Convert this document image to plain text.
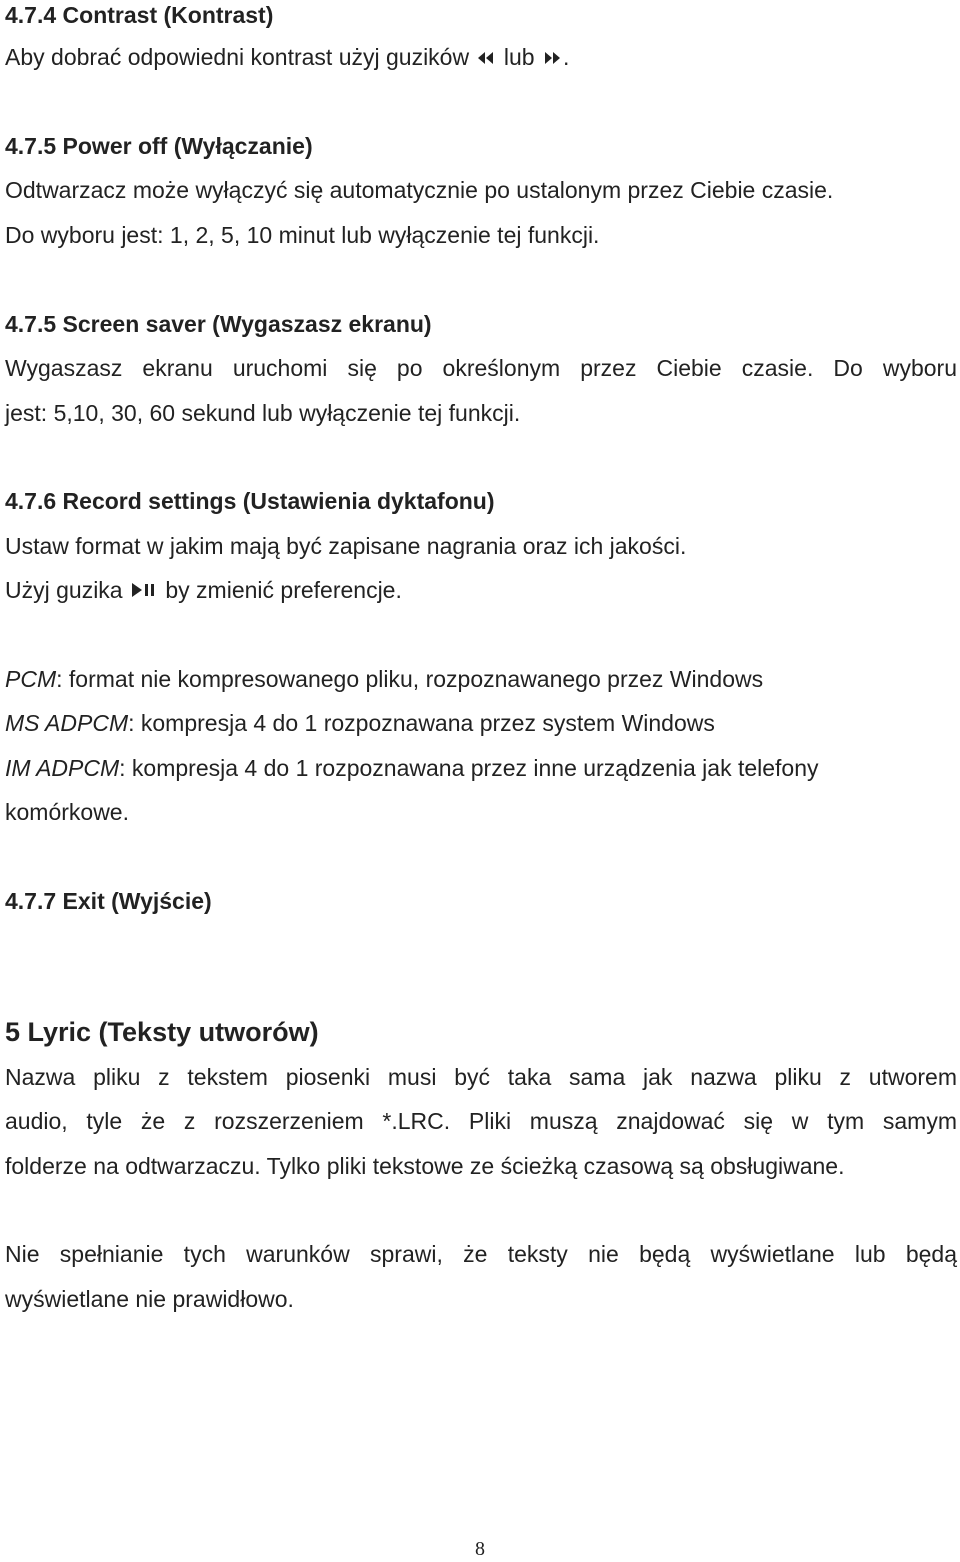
4.7.4 Contrast (Kontrast)
Aby dobrać odpowiedni kontrast użyj guzików  lub .
4.7.5 Power off (Wyłączanie)
Odtwarzacz może wyłączyć się automatycznie po ustalonym przez Ciebie czasie.
Do wyboru jest: 1, 2, 5, 10 minut lub wyłączenie tej funkcji.
4.7.5 Screen saver (Wygaszasz ekranu)
Wygaszasz ekranu uruchomi się po określonym przez Ciebie czasie. Do wyboru
jest: 5,10, 30, 60 sekund lub wyłączenie tej funkcji.
4.7.6 Record settings (Ustawienia dyktafonu)
Ustaw format w jakim mają być zapisane nagrania oraz ich jakości.
Użyj guzika  by zmienić preferencje.
PCM: format nie kompresowanego pliku, rozpoznawanego przez Windows
MS ADPCM: kompresja 4 do 1 rozpoznawana przez system Windows
IM ADPCM: kompresja 4 do 1 rozpoznawana przez inne urządzenia jak telefony
komórkowe.
4.7.7 Exit (Wyjście)
5 Lyric (Teksty utworów)
Nazwa pliku z tekstem piosenki musi być taka sama jak nazwa pliku z utworem
audio, tyle że z rozszerzeniem *.LRC. Pliki muszą znajdować się w tym samym
folderze na odtwarzaczu. Tylko pliki tekstowe ze ścieżką czasową są obsługiwane.
Nie spełnianie tych warunków sprawi, że teksty nie będą wyświetlane lub będą
wyświetlane nie prawidłowo.
8
